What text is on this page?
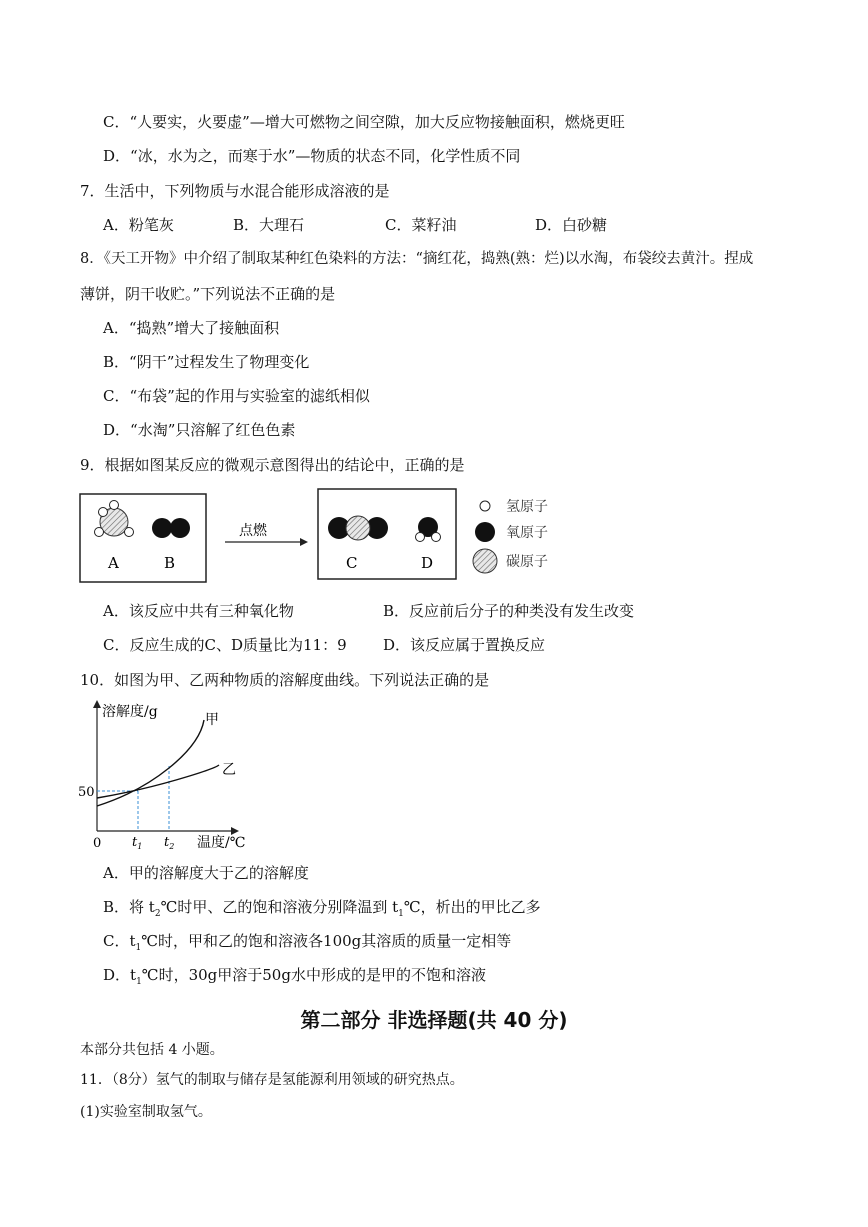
C．“人要实，火要虚”—增大可燃物之间空隙，加大反应物接触面积，燃烧更旺
D．“冰，水为之，而寒于水”—物质的状态不同，化学性质不同
7．生活中，下列物质与水混合能形成溶液的是
A．粉笔灰	B．大理石	C．菜籽油	D．白砂糖
8．《天工开物》中介绍了制取某种红色染料的方法：“摘红花，捣熟(熟：烂)以水淘，布袋绞去黄汁。捏成
薄饼，阴干收贮。”下列说法不正确的是
A．“捣熟”增大了接触面积
B．“阴干”过程发生了物理变化
C．“布袋”起的作用与实验室的滤纸相似
D．“水淘”只溶解了红色色素
9．根据如图某反应的微观示意图得出的结论中，正确的是
A	B
点燃
C	D
氢原子
氧原子
碳原子
A．该反应中共有三种氧化物	B．反应前后分子的种类没有发生改变
C．反应生成的C、D质量比为11：9 D．该反应属于置换反应
10．如图为甲、乙两种物质的溶解度曲线。下列说法正确的是
溶解度/g	甲
乙
50
0 $t_1$ $t_2$ 温度/℃
A．甲的溶解度大于乙的溶解度
B．将 $t_2℃$时甲、乙的饱和溶液分别降温到 $t_1℃$，析出的甲比乙多
C．$t_1℃$时，甲和乙的饱和溶液各100g其溶质的质量一定相等
D．$t_1℃$时，30g甲溶于50g水中形成的是甲的不饱和溶液
第二部分 非选择题(共 40 分)
本部分共包括 4 小题。
11．（8分）氢气的制取与储存是氢能源利用领域的研究热点。
(1)实验室制取氢气。
